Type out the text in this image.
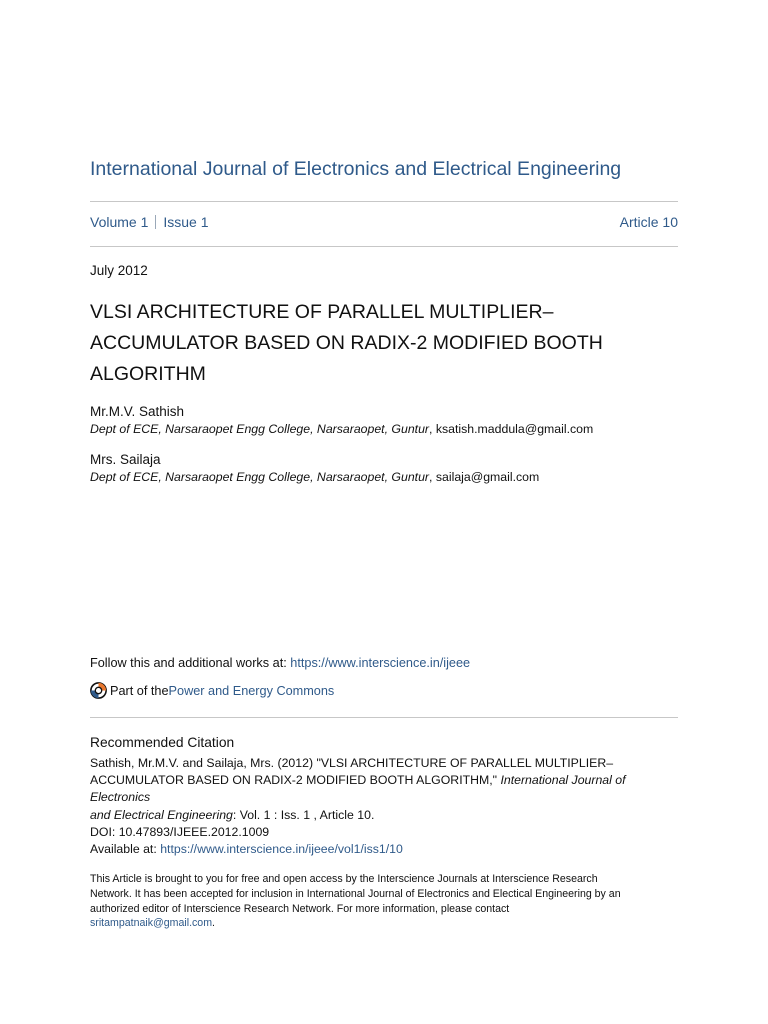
International Journal of Electronics and Electrical Engineering
Volume 1 Issue 1	Article 10
July 2012
VLSI ARCHITECTURE OF PARALLEL MULTIPLIER–
ACCUMULATOR BASED ON RADIX-2 MODIFIED BOOTH
ALGORITHM
Mr.M.V. Sathish
Dept of ECE, Narsaraopet Engg College, Narsaraopet, Guntur, ksatish.maddula@gmail.com
Mrs. Sailaja
Dept of ECE, Narsaraopet Engg College, Narsaraopet, Guntur, sailaja@gmail.com
Follow this and additional works at: https://www.interscience.in/ijeee
Part of the Power and Energy Commons
Recommended Citation
Sathish, Mr.M.V. and Sailaja, Mrs. (2012) "VLSI ARCHITECTURE OF PARALLEL MULTIPLIER–
ACCUMULATOR BASED ON RADIX-2 MODIFIED BOOTH ALGORITHM," International Journal of Electronics
and Electrical Engineering: Vol. 1 : Iss. 1 , Article 10.
DOI: 10.47893/IJEEE.2012.1009
Available at: https://www.interscience.in/ijeee/vol1/iss1/10
This Article is brought to you for free and open access by the Interscience Journals at Interscience Research
Network. It has been accepted for inclusion in International Journal of Electronics and Electical Engineering by an
authorized editor of Interscience Research Network. For more information, please contact
sritampatnaik@gmail.com.
